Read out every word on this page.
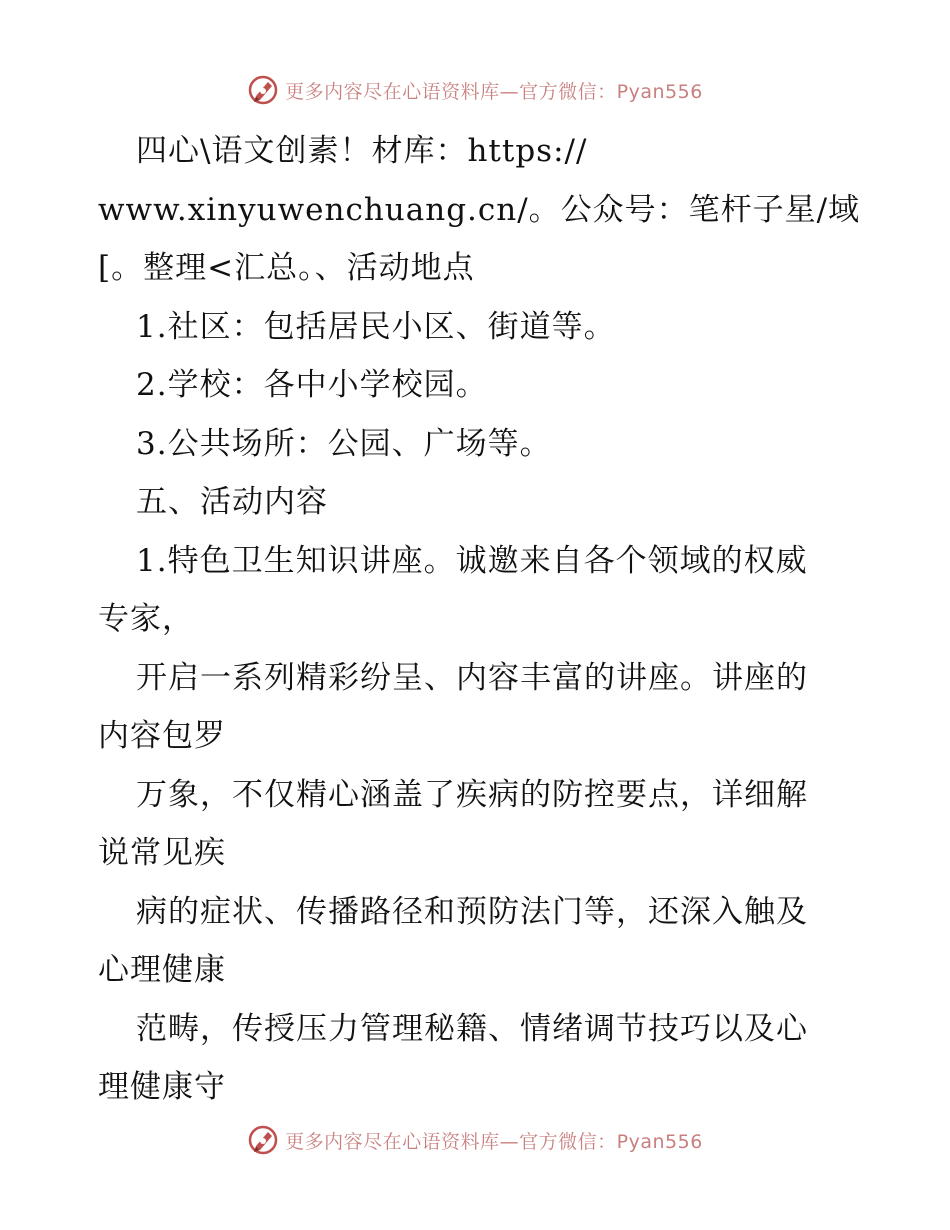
更多内容尽在心语资料库—官方微信：Pyan556
四心\语文创素！材库：https://
www.xinyuwenchuang.cn/。公众号：笔杆子星/域
[。整理<汇总。、活动地点
1.社区：包括居民小区、街道等。
2.学校：各中小学校园。
3.公共场所：公园、广场等。
五、活动内容
1.特色卫生知识讲座。诚邀来自各个领域的权威
专家，
开启一系列精彩纷呈、内容丰富的讲座。讲座的
内容包罗
万象，不仅精心涵盖了疾病的防控要点，详细解
说常见疾
病的症状、传播路径和预防法门等，还深入触及
心理健康
范畴，传授压力管理秘籍、情绪调节技巧以及心
理健康守
更多内容尽在心语资料库—官方微信：Pyan556
